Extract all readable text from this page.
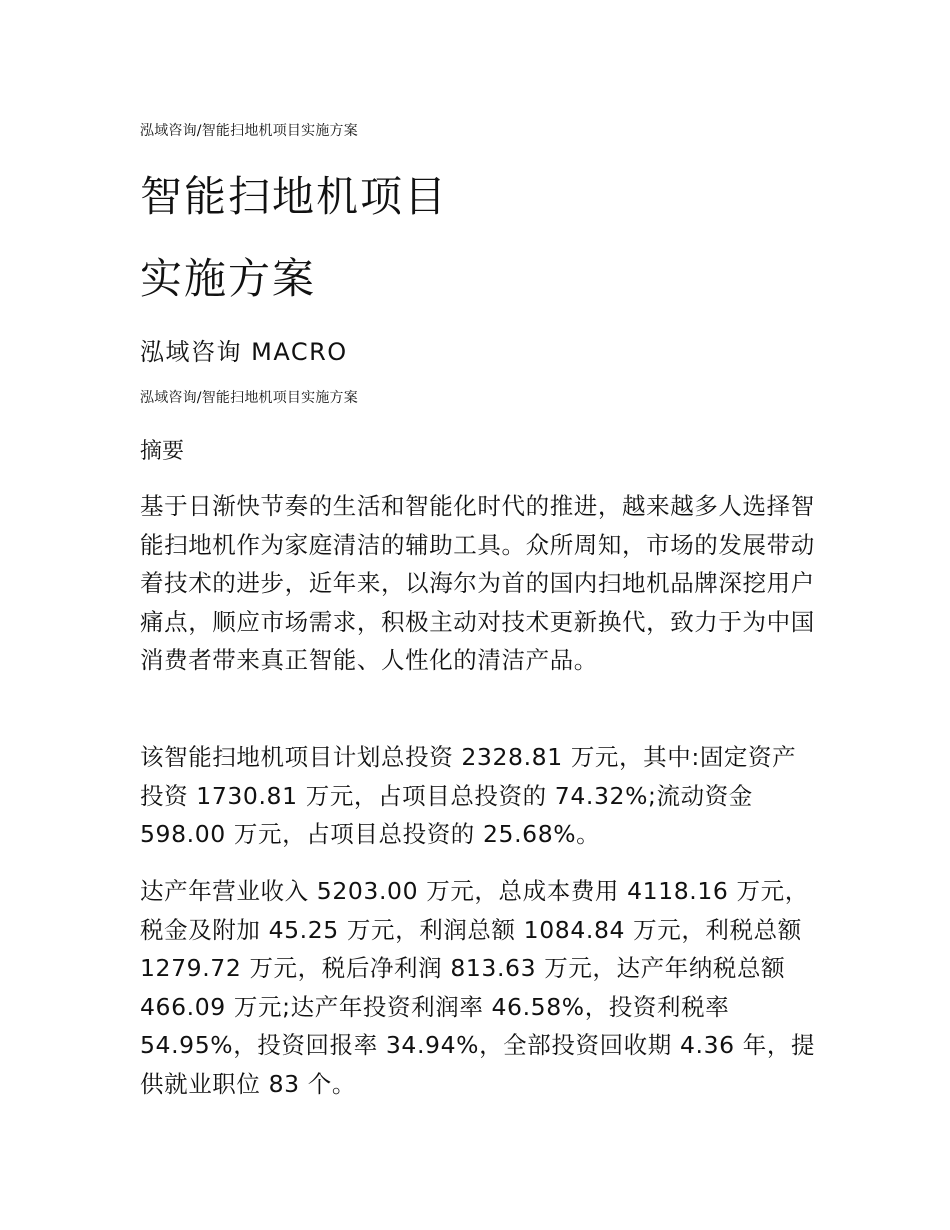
泓域咨询/智能扫地机项目实施方案
智能扫地机项目
实施方案
泓域咨询 MACRO
泓域咨询/智能扫地机项目实施方案
摘要

基于日渐快节奏的生活和智能化时代的推进，越来越多人选择智能扫地机作为家庭清洁的辅助工具。众所周知，市场的发展带动着技术的进步，近年来，以海尔为首的国内扫地机品牌深挖用户痛点，顺应市场需求，积极主动对技术更新换代，致力于为中国消费者带来真正智能、人性化的清洁产品。

该智能扫地机项目计划总投资 2328.81 万元，其中:固定资产投资 1730.81 万元，占项目总投资的 74.32%;流动资金 598.00 万元，占项目总投资的 25.68%。

达产年营业收入 5203.00 万元，总成本费用 4118.16 万元，税金及附加 45.25 万元，利润总额 1084.84 万元，利税总额 1279.72 万元，税后净利润 813.63 万元，达产年纳税总额 466.09 万元;达产年投资利润率 46.58%，投资利税率 54.95%，投资回报率 34.94%，全部投资回收期 4.36 年，提供就业职位 83 个。
